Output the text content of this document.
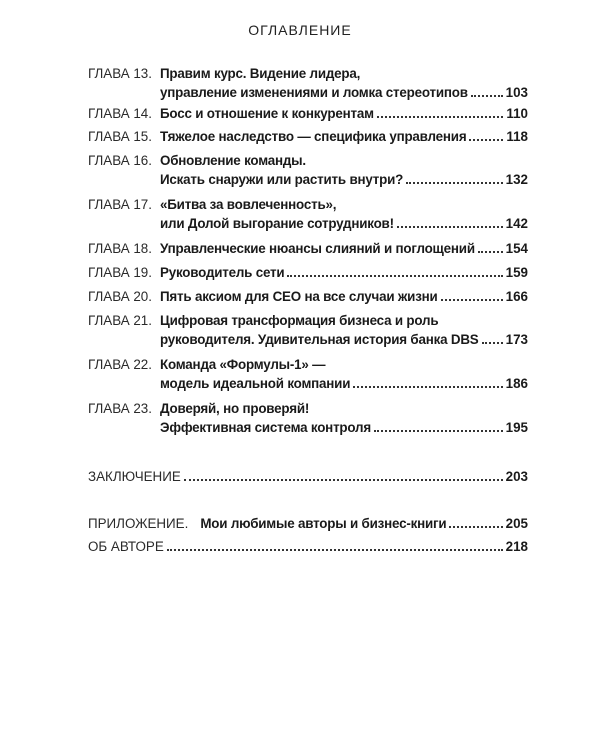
ОГЛАВЛЕНИЕ
ГЛАВА 13. Правим курс. Видение лидера,
управление изменениями и ломка стереотипов	103
ГЛАВА 14. Босс и отношение к конкурентам	110
ГЛАВА 15. Тяжелое наследство — специфика управления	118
ГЛАВА 16. Обновление команды.
Искать снаружи или растить внутри?	132
ГЛАВА 17. «Битва за вовлеченность»,
или Долой выгорание сотрудников!	142
ГЛАВА 18. Управленческие нюансы слияний и поглощений 154
ГЛАВА 19. Руководитель сети	159
ГЛАВА 20. Пять аксиом для CEO на все случаи жизни	166
ГЛАВА 21. Цифровая трансформация бизнеса и роль
руководителя. Удивительная история банка DBS 173
ГЛАВА 22. Команда «Формулы-1» —
модель идеальной компании	186
ГЛАВА 23. Доверяй, но проверяй!
Эффективная система контроля	195
ЗАКЛЮЧЕНИЕ	203
ПРИЛОЖЕНИЕ. Мои любимые авторы и бизнес-книги	205
ОБ АВТОРЕ	218
